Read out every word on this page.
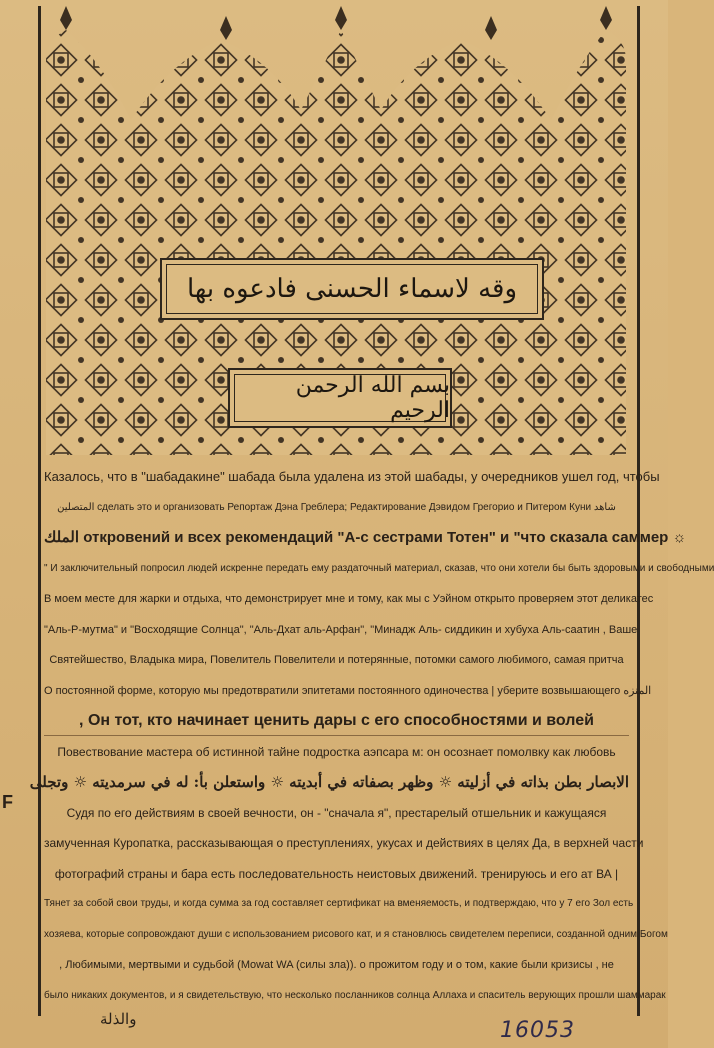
وقه لاسماء الحسنى فادعوه بها
بسم الله الرحمن الرحيم
Казалось, что в "шабадакине" шабада была удалена из этой шабады, у очередников ушел год, чтобы
المتصلين сделать это и организовать Репортаж Дэна Греблера; Редактирование Дэвидом Грегорио и Питером Куни شاهد
الملك откровений и всех рекомендаций "А-с сестрами Тотен" и "что сказала саммер ☼
" И заключительный попросил людей искренне передать ему раздаточный материал, сказав, что они хотели бы быть здоровыми и свободными
В моем месте для жарки и отдыха, что демонстрирует мне и тому, как мы с Уэйном открыто проверяем этот деликатес
"Аль-Р-мутма" и "Восходящие Солнца", "Аль-Дхат аль-Арфан", "Минадж Аль- сиддикин и хубуха Аль-саатин , Ваше
Святейшество, Владыка мира, Повелитель Повелители и потерянные, потомки самого любимого, самая притча
О постоянной форме, которую мы предотвратили эпитетами постоянного одиночества | уберите возвышающего المنزه
, Он тот, кто начинает ценить дары с его способностями и волей
Повествование мастера об истинной тайне подростка аэпсара м: он осознает помолвку как любовь
الابصار بطن بذاته في أزليته ☼ وظهر بصفاته في أبديته ☼ واستعلن بأ: له في سرمديته ☼ وتجلى
Судя по его действиям в своей вечности, он - "сначала я", престарелый отшельник и кажущаяся
замученная Куропатка, рассказывающая о преступлениях, укусах и действиях в целях Да, в верхней части
фотографий страны и бара есть последовательность неистовых движений. тренируюсь и его ат ВА |
Тянет за собой свои труды, и когда сумма за год составляет сертификат на вменяемость, и подтверждаю, что у 7 его Зол есть
хозяева, которые сопровождают души с использованием рисового кат, и я становлюсь свидетелем переписи, созданной одним Богом
, Любимыми, мертвыми и судьбой (Mowat WA (силы зла)). о прожитом году и о том, какие были кризисы , не
было никаких документов, и я свидетельствую, что несколько посланников солнца Аллаха и спаситель верующих прошли шаммарак
F
والذلة	16053
